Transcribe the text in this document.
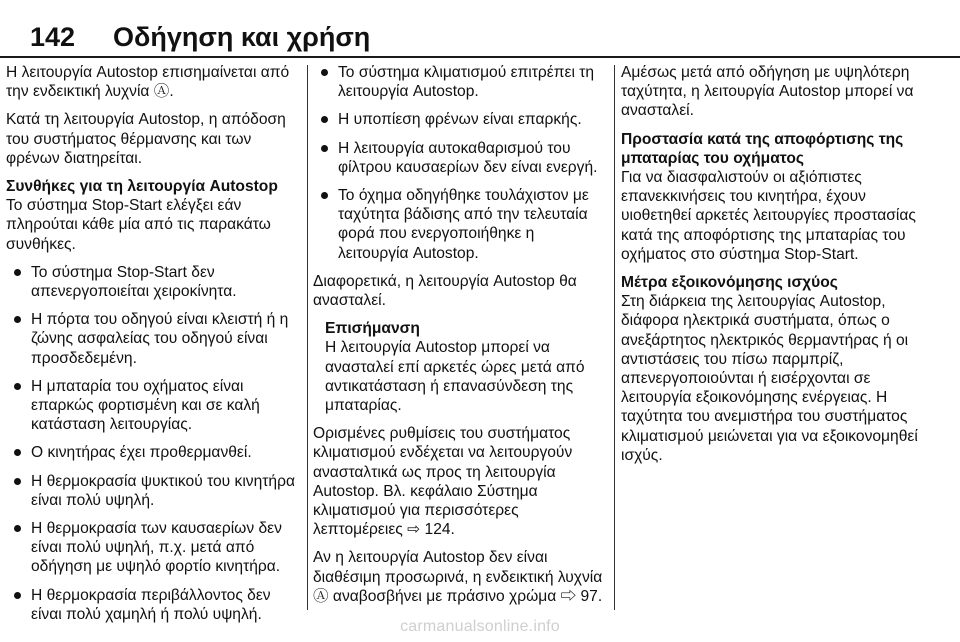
142 Οδήγηση και χρήση

Η λειτουργία Autostop επισημαίνεται από την ενδεικτική λυχνία Ⓐ.

Κατά τη λειτουργία Autostop, η απόδοση του συστήματος θέρμανσης και των φρένων διατηρείται.

Συνθήκες για τη λειτουργία Autostop

Το σύστημα Stop-Start ελέγξει εάν πληρούται κάθε μία από τις παρακάτω συνθήκες.

Το σύστημα Stop-Start δεν απενεργοποιείται χειροκίνητα.
Η πόρτα του οδηγού είναι κλειστή ή η ζώνης ασφαλείας του οδηγού είναι προσδεδεμένη.
Η μπαταρία του οχήματος είναι επαρκώς φορτισμένη και σε καλή κατάσταση λειτουργίας.
Ο κινητήρας έχει προθερμανθεί.
Η θερμοκρασία ψυκτικού του κινητήρα είναι πολύ υψηλή.
Η θερμοκρασία των καυσαερίων δεν είναι πολύ υψηλή, π.χ. μετά από οδήγηση με υψηλό φορτίο κινητήρα.
Η θερμοκρασία περιβάλλοντος δεν είναι πολύ χαμηλή ή πολύ υψηλή.
Το σύστημα κλιματισμού επιτρέπει τη λειτουργία Autostop.
Η υποπίεση φρένων είναι επαρκής.
Η λειτουργία αυτοκαθαρισμού του φίλτρου καυσαερίων δεν είναι ενεργή.
Το όχημα οδηγήθηκε τουλάχιστον με ταχύτητα βάδισης από την τελευταία φορά που ενεργοποιήθηκε η λειτουργία Autostop.

Διαφορετικά, η λειτουργία Autostop θα ανασταλεί.

Επισήμανση
Η λειτουργία Autostop μπορεί να ανασταλεί επί αρκετές ώρες μετά από αντικατάσταση ή επανασύνδεση της μπαταρίας.

Ορισμένες ρυθμίσεις του συστήματος κλιματισμού ενδέχεται να λειτουργούν ανασταλτικά ως προς τη λειτουργία Autostop. Βλ. κεφάλαιο Σύστημα κλιματισμού για περισσότερες λεπτομέρειες ⇨ 124.

Αν η λειτουργία Autostop δεν είναι διαθέσιμη προσωρινά, η ενδεικτική λυχνία Ⓐ αναβοσβήνει με πράσινο χρώμα ⇨ 97.

Αμέσως μετά από οδήγηση με υψηλότερη ταχύτητα, η λειτουργία Autostop μπορεί να ανασταλεί.

Προστασία κατά της αποφόρτισης της μπαταρίας του οχήματος

Για να διασφαλιστούν οι αξιόπιστες επανεκκινήσεις του κινητήρα, έχουν υιοθετηθεί αρκετές λειτουργίες προστασίας κατά της αποφόρτισης της μπαταρίας του οχήματος στο σύστημα Stop-Start.

Μέτρα εξοικονόμησης ισχύος

Στη διάρκεια της λειτουργίας Autostop, διάφορα ηλεκτρικά συστήματα, όπως ο ανεξάρτητος ηλεκτρικός θερμαντήρας ή οι αντιστάσεις του πίσω παρμπρίζ, απενεργοποιούνται ή εισέρχονται σε λειτουργία εξοικονόμησης ενέργειας. Η ταχύτητα του ανεμιστήρα του συστήματος κλιματισμού μειώνεται για να εξοικονομηθεί ισχύς.

carmanualsonline.info
